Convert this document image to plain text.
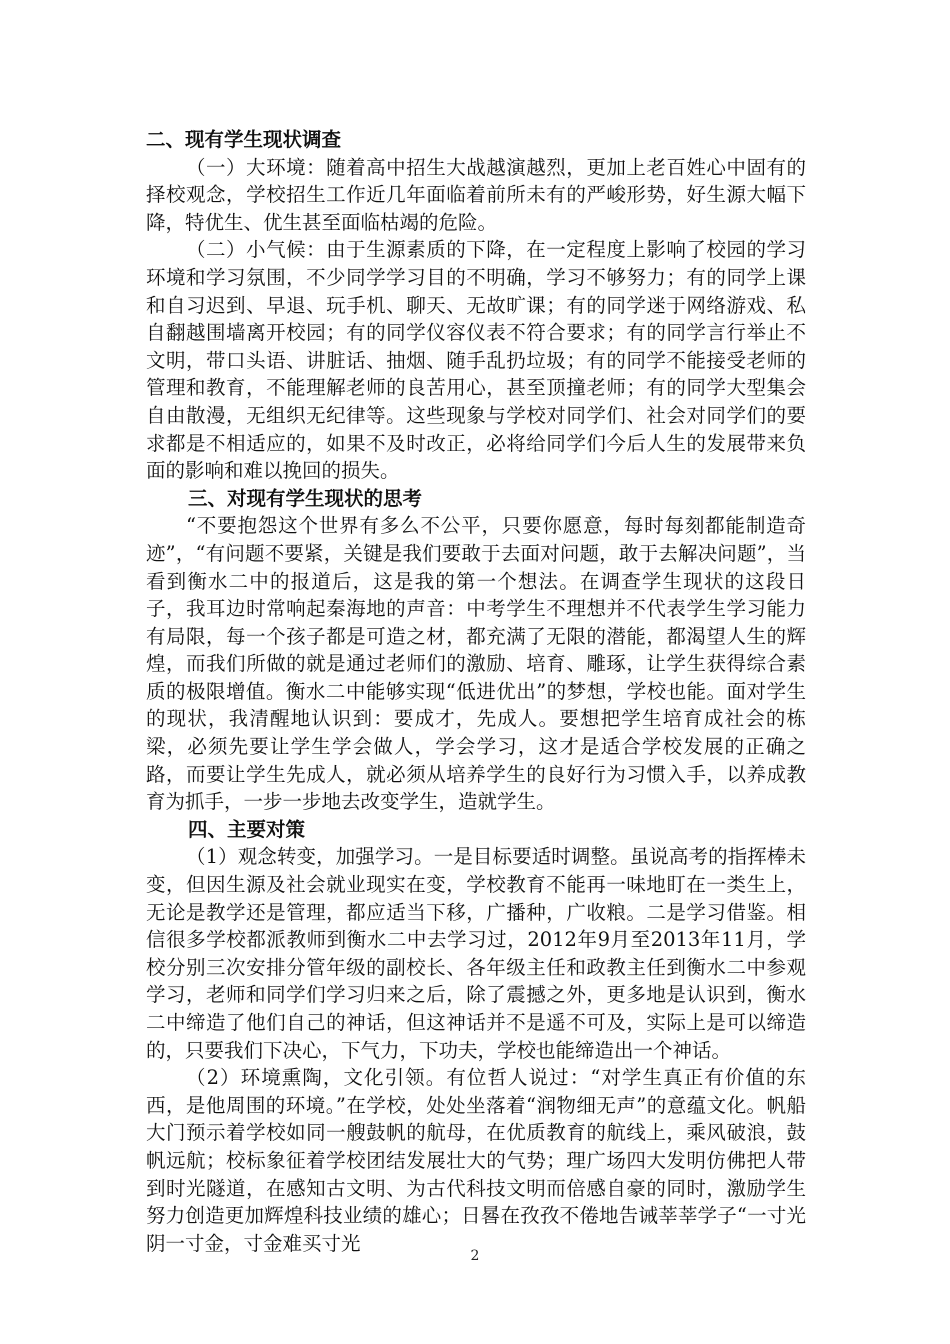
二、现有学生现状调查

（一）大环境：随着高中招生大战越演越烈，更加上老百姓心中固有的择校观念，学校招生工作近几年面临着前所未有的严峻形势，好生源大幅下降，特优生、优生甚至面临枯竭的危险。

（二）小气候：由于生源素质的下降，在一定程度上影响了校园的学习环境和学习氛围，不少同学学习目的不明确，学习不够努力；有的同学上课和自习迟到、早退、玩手机、聊天、无故旷课；有的同学迷于网络游戏、私自翻越围墙离开校园；有的同学仪容仪表不符合要求；有的同学言行举止不文明，带口头语、讲脏话、抽烟、随手乱扔垃圾；有的同学不能接受老师的管理和教育，不能理解老师的良苦用心，甚至顶撞老师；有的同学大型集会自由散漫，无组织无纪律等。这些现象与学校对同学们、社会对同学们的要求都是不相适应的，如果不及时改正，必将给同学们今后人生的发展带来负面的影响和难以挽回的损失。

三、对现有学生现状的思考

“不要抱怨这个世界有多么不公平，只要你愿意，每时每刻都能制造奇迹”，“有问题不要紧，关键是我们要敢于去面对问题，敢于去解决问题”，当看到衡水二中的报道后，这是我的第一个想法。在调查学生现状的这段日子，我耳边时常响起秦海地的声音：中考学生不理想并不代表学生学习能力有局限，每一个孩子都是可造之材，都充满了无限的潜能，都渴望人生的辉煌，而我们所做的就是通过老师们的激励、培育、雕琢，让学生获得综合素质的极限增值。衡水二中能够实现“低进优出”的梦想，学校也能。面对学生的现状，我清醒地认识到：要成才，先成人。要想把学生培育成社会的栋梁，必须先要让学生学会做人，学会学习，这才是适合学校发展的正确之路，而要让学生先成人，就必须从培养学生的良好行为习惯入手，以养成教育为抓手，一步一步地去改变学生，造就学生。

四、主要对策

（1）观念转变，加强学习。一是目标要适时调整。虽说高考的指挥棒未变，但因生源及社会就业现实在变，学校教育不能再一味地盯在一类生上，无论是教学还是管理，都应适当下移，广播种，广收粮。二是学习借鉴。相信很多学校都派教师到衡水二中去学习过，2012年9月至2013年11月，学校分别三次安排分管年级的副校长、各年级主任和政教主任到衡水二中参观学习，老师和同学们学习归来之后，除了震撼之外，更多地是认识到，衡水二中缔造了他们自己的神话，但这神话并不是遥不可及，实际上是可以缔造的，只要我们下决心，下气力，下功夫，学校也能缔造出一个神话。

（2）环境熏陶，文化引领。有位哲人说过：“对学生真正有价值的东西，是他周围的环境。”在学校，处处坐落着“润物细无声”的意蕴文化。帆船大门预示着学校如同一艘鼓帆的航母，在优质教育的航线上，乘风破浪，鼓帆远航；校标象征着学校团结发展壮大的气势；理广场四大发明仿佛把人带到时光隧道，在感知古文明、为古代科技文明而倍感自豪的同时，激励学生努力创造更加辉煌科技业绩的雄心；日晷在孜孜不倦地告诫莘莘学子“一寸光阴一寸金，寸金难买寸光

2
